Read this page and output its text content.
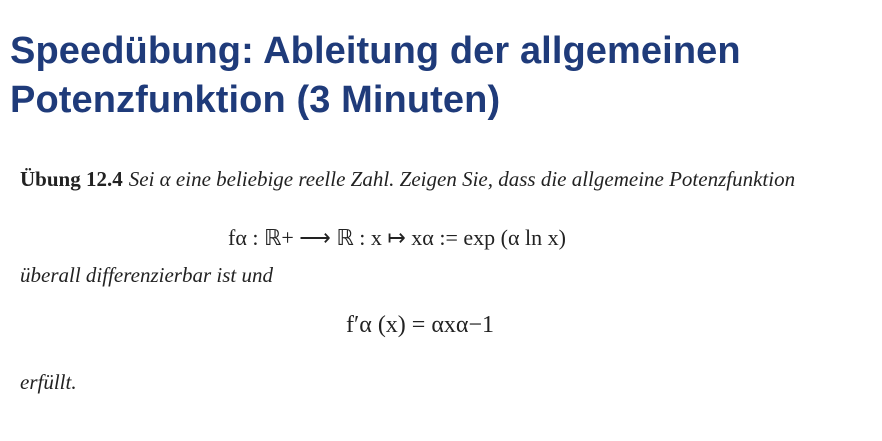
Speedübung: Ableitung der allgemeinen
Potenzfunktion (3 Minuten)

Übung 12.4 Sei α eine beliebige reelle Zahl. Zeigen Sie, dass die allgemeine Potenzfunktion

fα : ℝ+ ⟶ ℝ : x ↦ xα := exp (α ln x)

überall differenzierbar ist und

f′α (x) = αxα−1

erfüllt.
